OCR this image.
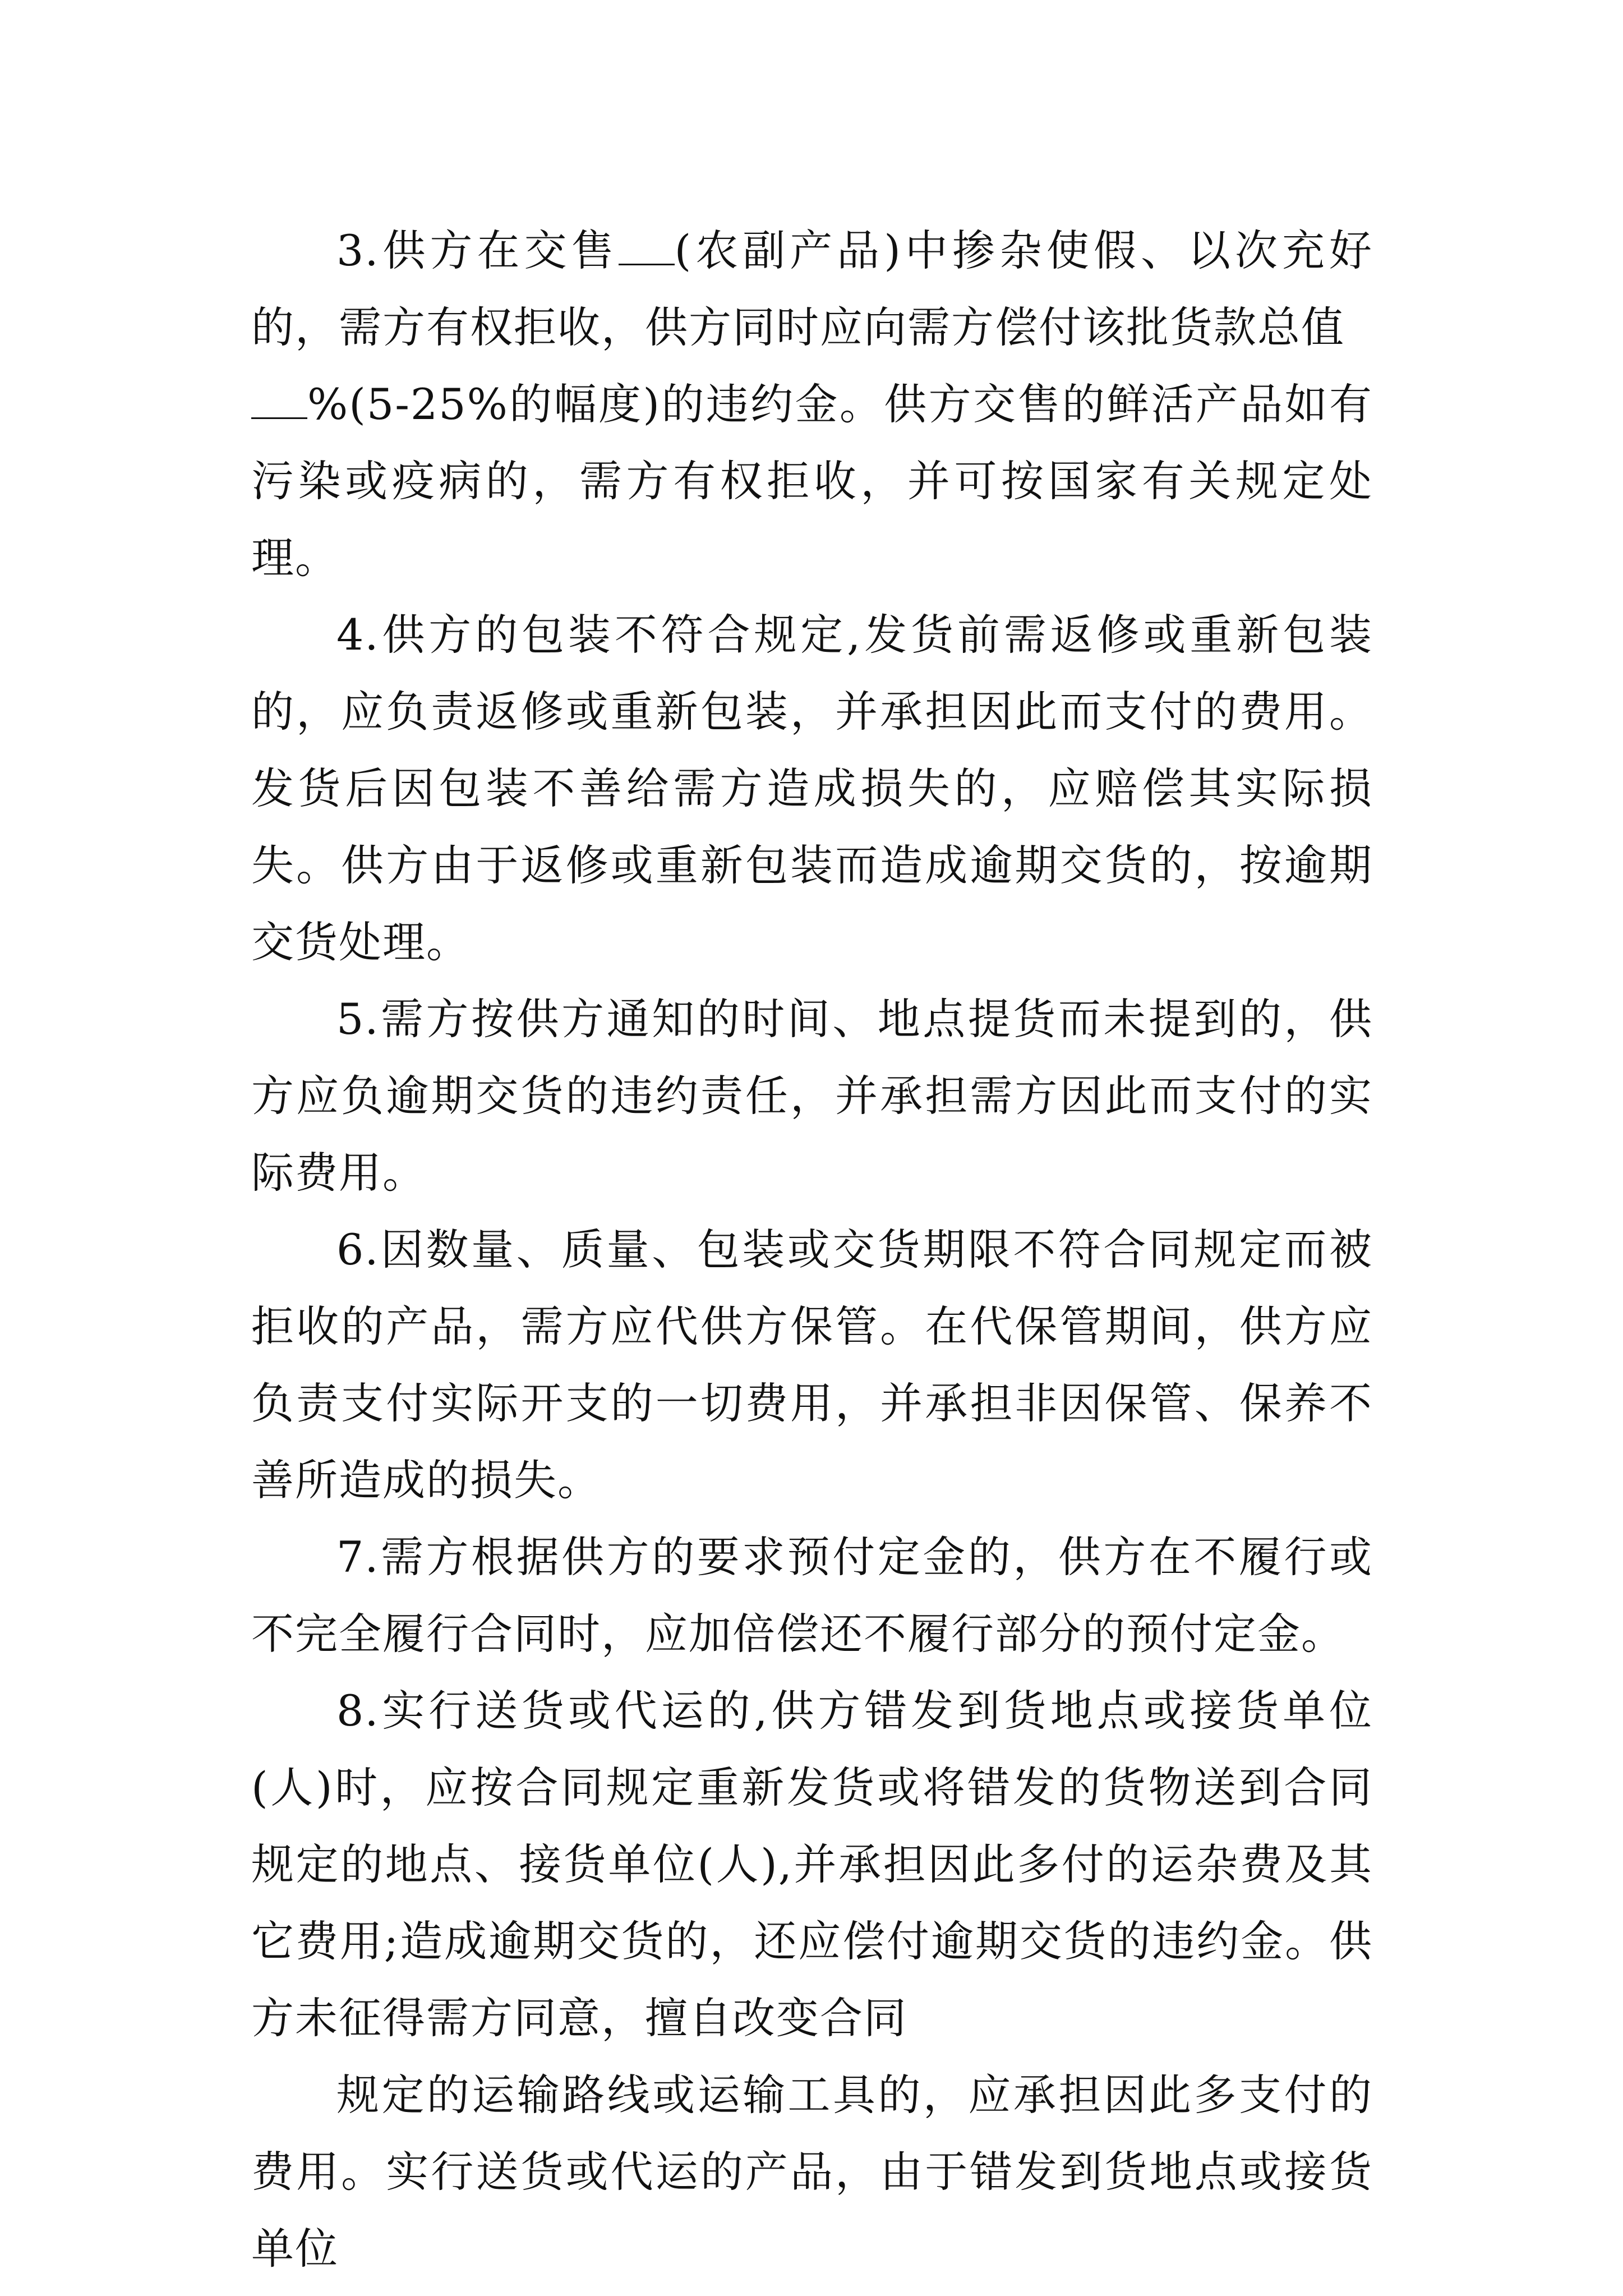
3.供方在交售 (农副产品)中掺杂使假、以次充好的，需方有权拒收，供方同时应向需方偿付该批货款总值
%(5-25%的幅度)的违约金。供方交售的鲜活产品如有污染或疫病的，需方有权拒收，并可按国家有关规定处理。

4.供方的包装不符合规定,发货前需返修或重新包装的，应负责返修或重新包装，并承担因此而支付的费用。发货后因包装不善给需方造成损失的，应赔偿其实际损失。供方由于返修或重新包装而造成逾期交货的，按逾期交货处理。

5.需方按供方通知的时间、地点提货而未提到的，供方应负逾期交货的违约责任，并承担需方因此而支付的实际费用。

6.因数量、质量、包装或交货期限不符合同规定而被拒收的产品，需方应代供方保管。在代保管期间，供方应负责支付实际开支的一切费用，并承担非因保管、保养不善所造成的损失。

7.需方根据供方的要求预付定金的，供方在不履行或不完全履行合同时，应加倍偿还不履行部分的预付定金。

8.实行送货或代运的,供方错发到货地点或接货单位(人)时，应按合同规定重新发货或将错发的货物送到合同规定的地点、接货单位(人),并承担因此多付的运杂费及其它费用;造成逾期交货的，还应偿付逾期交货的违约金。供方未征得需方同意，擅自改变合同

规定的运输路线或运输工具的，应承担因此多支付的费用。实行送货或代运的产品，由于错发到货地点或接货单位
